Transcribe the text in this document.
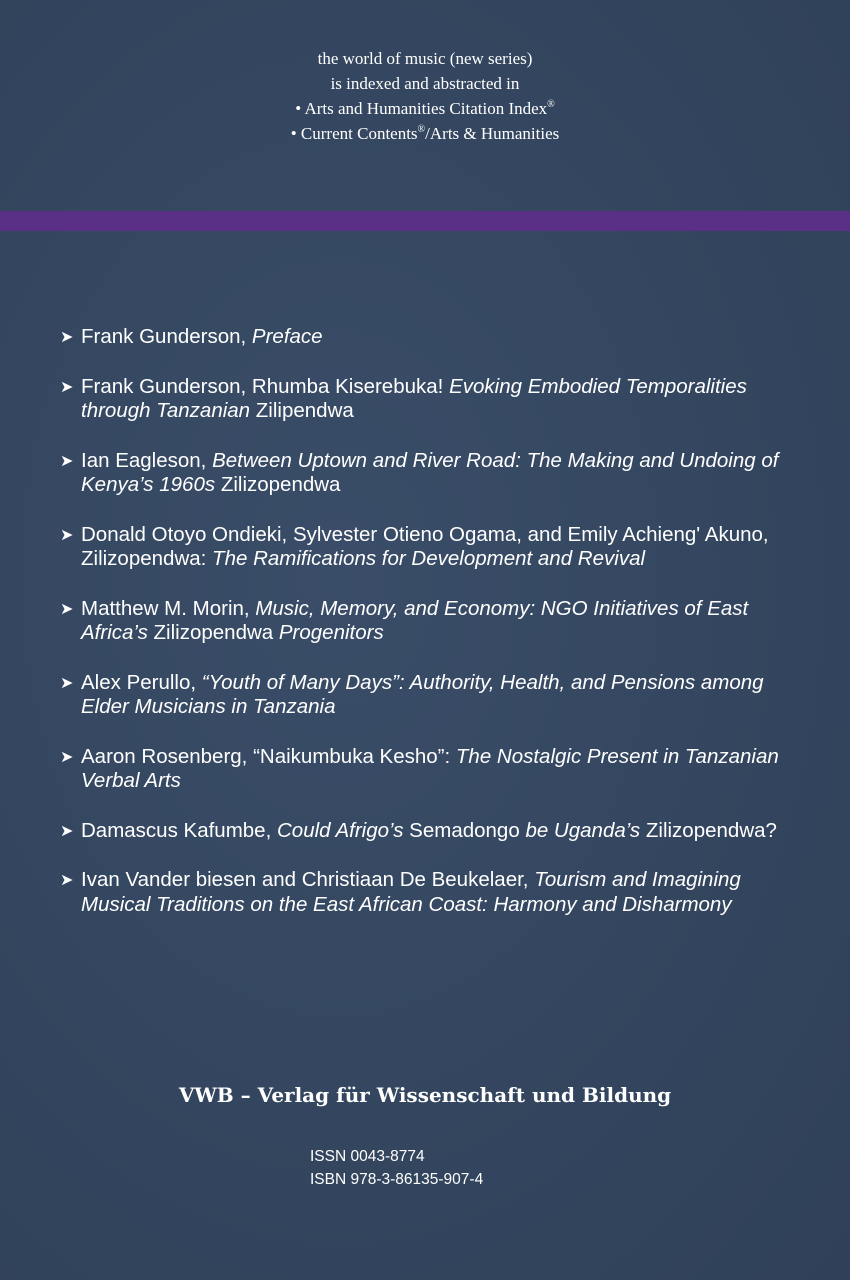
the world of music (new series)
is indexed and abstracted in
• Arts and Humanities Citation Index®
• Current Contents®/Arts & Humanities
➤ Frank Gunderson, Preface
➤ Frank Gunderson, Rhumba Kiserebuka! Evoking Embodied Temporalities through Tanzanian Zilipendwa
➤ Ian Eagleson, Between Uptown and River Road: The Making and Undoing of Kenya’s 1960s Zilizopendwa
➤ Donald Otoyo Ondieki, Sylvester Otieno Ogama, and Emily Achieng' Akuno, Zilizopendwa: The Ramifications for Development and Revival
➤ Matthew M. Morin, Music, Memory, and Economy: NGO Initiatives of East Africa’s Zilizopendwa Progenitors
➤ Alex Perullo, “Youth of Many Days”: Authority, Health, and Pensions among Elder Musicians in Tanzania
➤ Aaron Rosenberg, “Naikumbuka Kesho”: The Nostalgic Present in Tanzanian Verbal Arts
➤ Damascus Kafumbe, Could Afrigo’s Semadongo be Uganda’s Zilizopendwa?
➤ Ivan Vander biesen and Christiaan De Beukelaer, Tourism and Imagining Musical Traditions on the East African Coast: Harmony and Disharmony
VWB – Verlag für Wissenschaft und Bildung
ISSN 0043-8774
ISBN 978-3-86135-907-4
